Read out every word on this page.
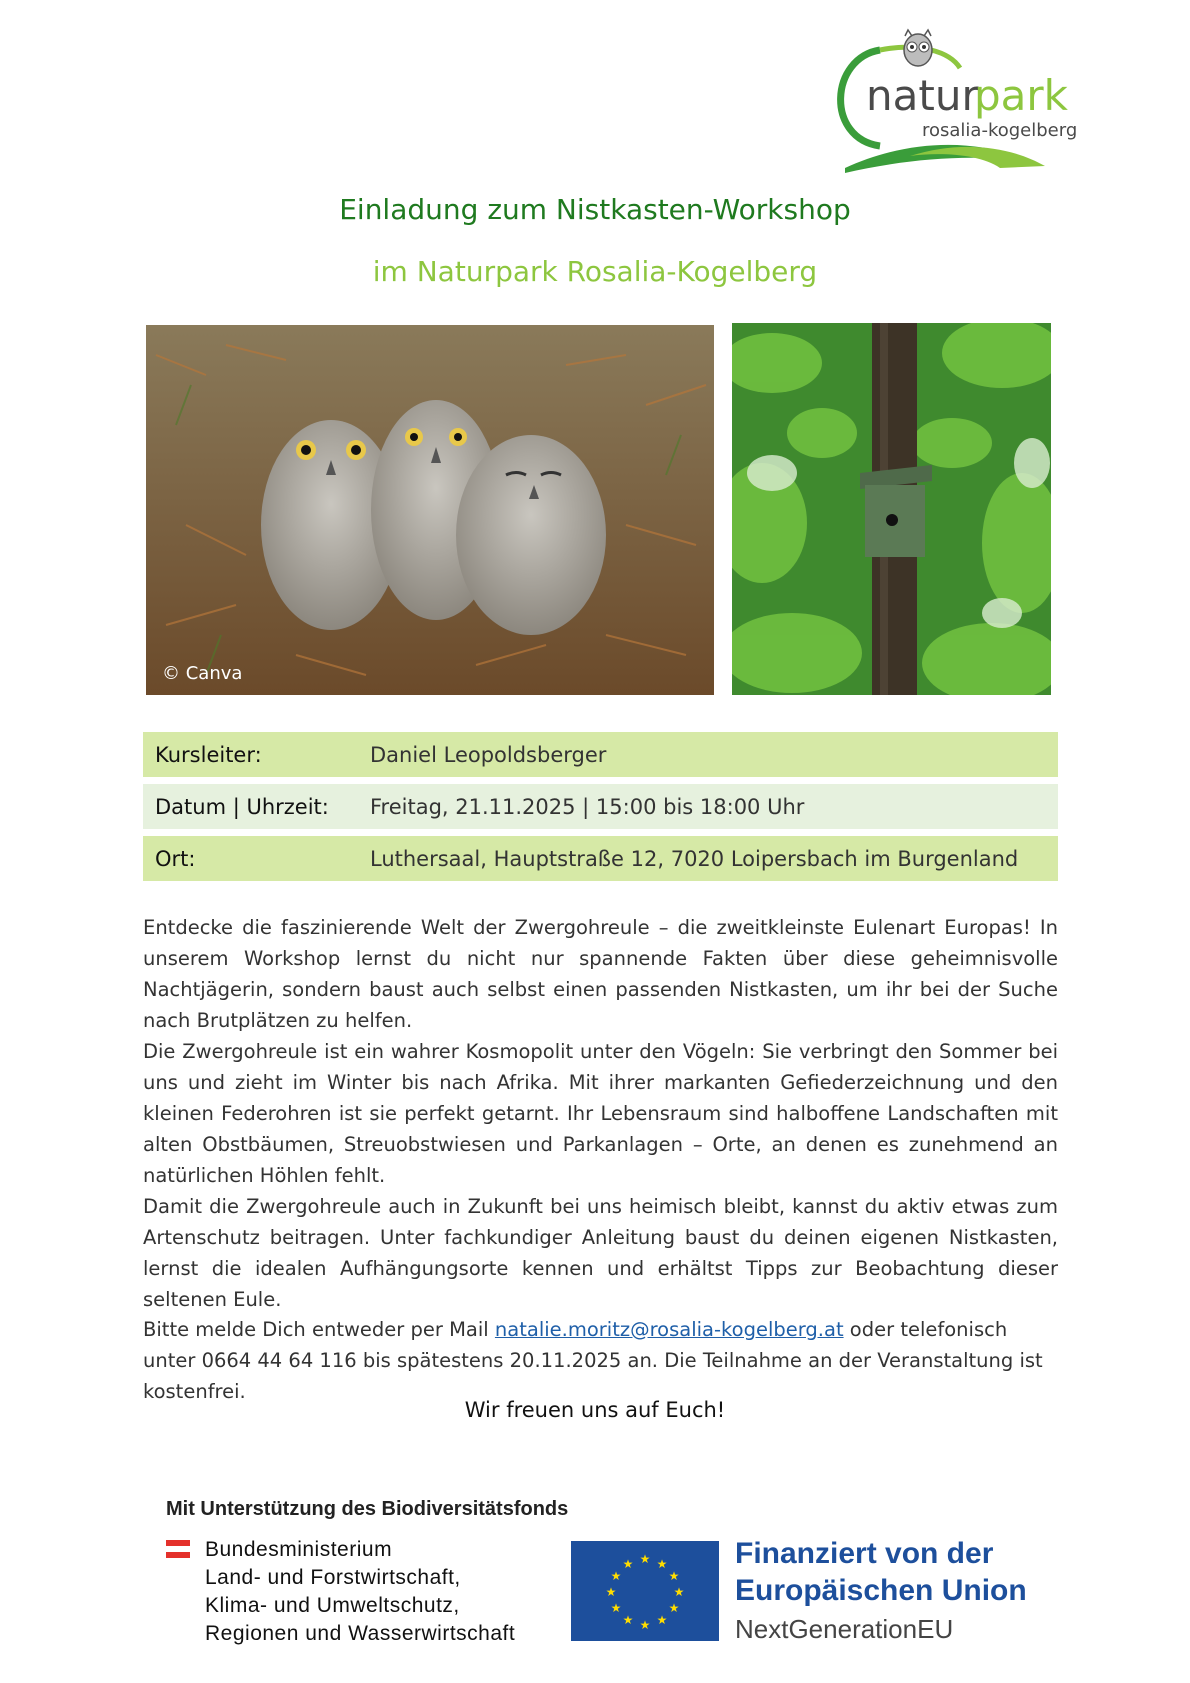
natur
park
rosalia-kogelberg
Einladung zum Nistkasten-Workshop
im Naturpark Rosalia-Kogelberg
© Canva
Kursleiter:	Daniel Leopoldsberger
Datum | Uhrzeit:	Freitag, 21.11.2025 | 15:00 bis 18:00 Uhr
Ort:	Luthersaal, Hauptstraße 12, 7020 Loipersbach im Burgenland
Entdecke die faszinierende Welt der Zwergohreule – die zweitkleinste Eulenart Europas! In unserem Workshop lernst du nicht nur spannende Fakten über diese geheimnisvolle Nachtjägerin, sondern baust auch selbst einen passenden Nistkasten, um ihr bei der Suche nach Brutplätzen zu helfen.
Die Zwergohreule ist ein wahrer Kosmopolit unter den Vögeln: Sie verbringt den Sommer bei uns und zieht im Winter bis nach Afrika. Mit ihrer markanten Gefiederzeichnung und den kleinen Federohren ist sie perfekt getarnt. Ihr Lebensraum sind halboffene Landschaften mit alten Obstbäumen, Streuobstwiesen und Parkanlagen – Orte, an denen es zunehmend an natürlichen Höhlen fehlt.
Damit die Zwergohreule auch in Zukunft bei uns heimisch bleibt, kannst du aktiv etwas zum Artenschutz beitragen. Unter fachkundiger Anleitung baust du deinen eigenen Nistkasten, lernst die idealen Aufhängungsorte kennen und erhältst Tipps zur Beobachtung dieser seltenen Eule.
Bitte melde Dich entweder per Mail natalie.moritz@rosalia-kogelberg.at oder telefonisch unter 0664 44 64 116 bis spätestens 20.11.2025 an. Die Teilnahme an der Veranstaltung ist kostenfrei.
Wir freuen uns auf Euch!
Mit Unterstützung des Biodiversitätsfonds
Bundesministerium
Land- und Forstwirtschaft,
Klima- und Umweltschutz,
Regionen und Wasserwirtschaft
★ ★
★
★
★
★
★
★
★
★
★
★	Finanziert von der
Europäischen Union
NextGenerationEU
